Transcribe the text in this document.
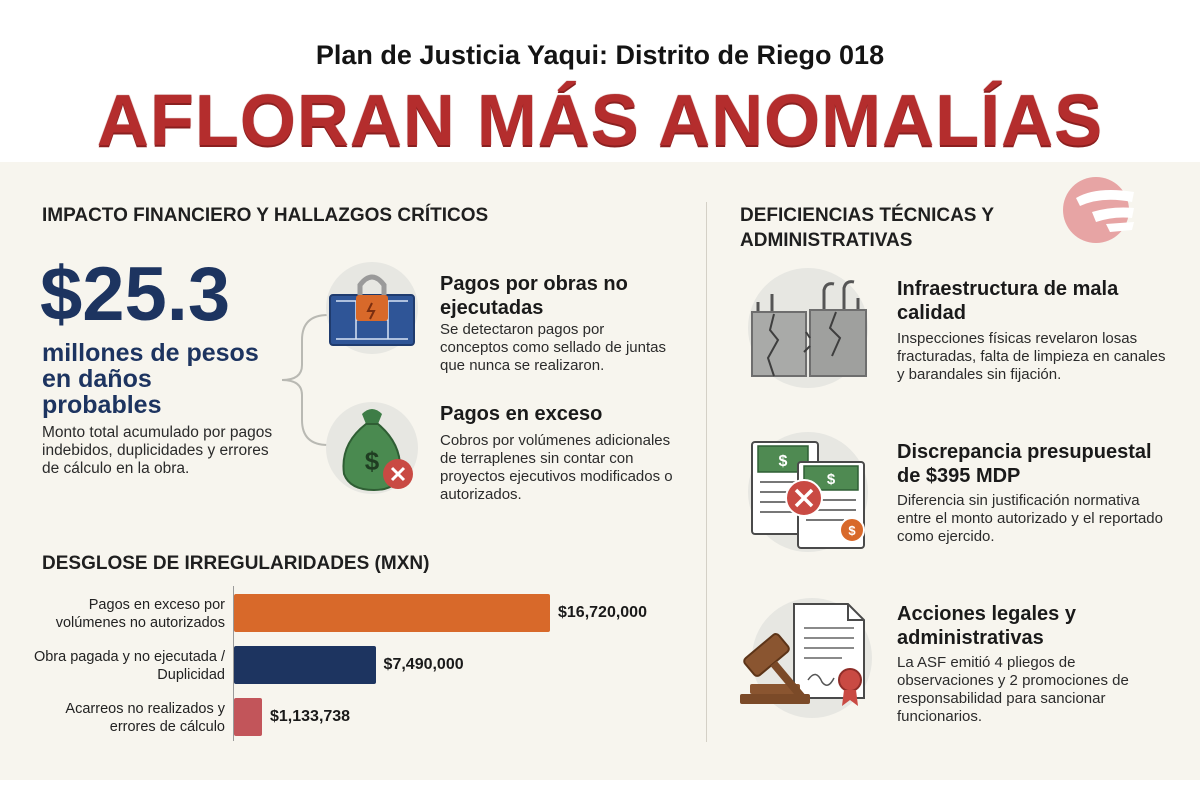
Plan de Justicia Yaqui: Distrito de Riego 018
AFLORAN MÁS ANOMALÍAS
IMPACTO FINANCIERO Y HALLAZGOS CRÍTICOS
$25.3
millones de pesos en daños probables
Monto total acumulado por pagos indebidos, duplicidades y errores de cálculo en la obra.
Pagos por obras no ejecutadas
Se detectaron pagos por conceptos como sellado de juntas que nunca se realizaron.
$
Pagos en exceso
Cobros por volúmenes adicionales de terraplenes sin contar con proyectos ejecutivos modificados o autorizados.
DESGLOSE DE IRREGULARIDADES (MXN)
Pagos en exceso por volúmenes no autorizados
Obra pagada y no ejecutada / Duplicidad
Acarreos no realizados y errores de cálculo
$16,720,000
$7,490,000
$1,133,738
DEFICIENCIAS TÉCNICAS Y ADMINISTRATIVAS
Infraestructura de mala calidad
Inspecciones físicas revelaron losas fracturadas, falta de limpieza en canales y barandales sin fijación.
$
$
$
Discrepancia presupuestal de $395 MDP
Diferencia sin justificación normativa entre el monto autorizado y el reportado como ejercido.
Acciones legales y administrativas
La ASF emitió 4 pliegos de observaciones y 2 promociones de responsabilidad para sancionar funcionarios.
